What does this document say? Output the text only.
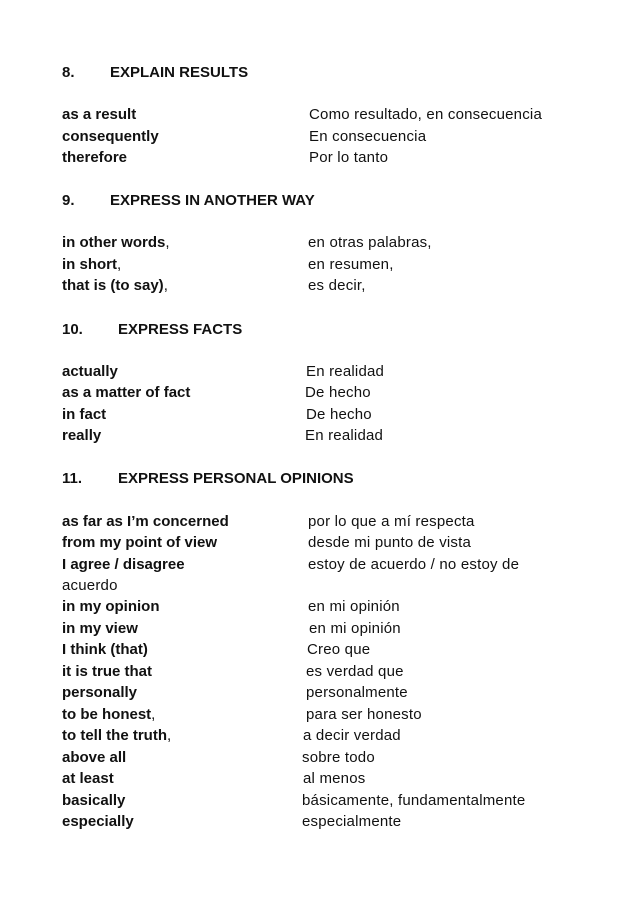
8. EXPLAIN RESULTS
as a result	Como resultado, en consecuencia
consequently	En consecuencia
therefore	Por lo tanto
9. EXPRESS IN ANOTHER WAY
in other words,	en otras palabras,
in short,	en resumen,
that is (to say),	es decir,
10. EXPRESS FACTS
actually	En realidad
as a matter of fact	De hecho
in fact	De hecho
really	En realidad
11. EXPRESS PERSONAL OPINIONS
as far as I’m concerned	por lo que a mí respecta
from my point of view	desde mi punto de vista
I agree / disagree	estoy de acuerdo / no estoy de
acuerdo
in my opinion	en mi opinión
in my view	en mi opinión
I think (that)	Creo que
it is true that	es verdad que
personally	personalmente
to be honest,	para ser honesto
to tell the truth,	a decir verdad
above all	sobre todo
at least	al menos
basically	básicamente, fundamentalmente
especially	especialmente
